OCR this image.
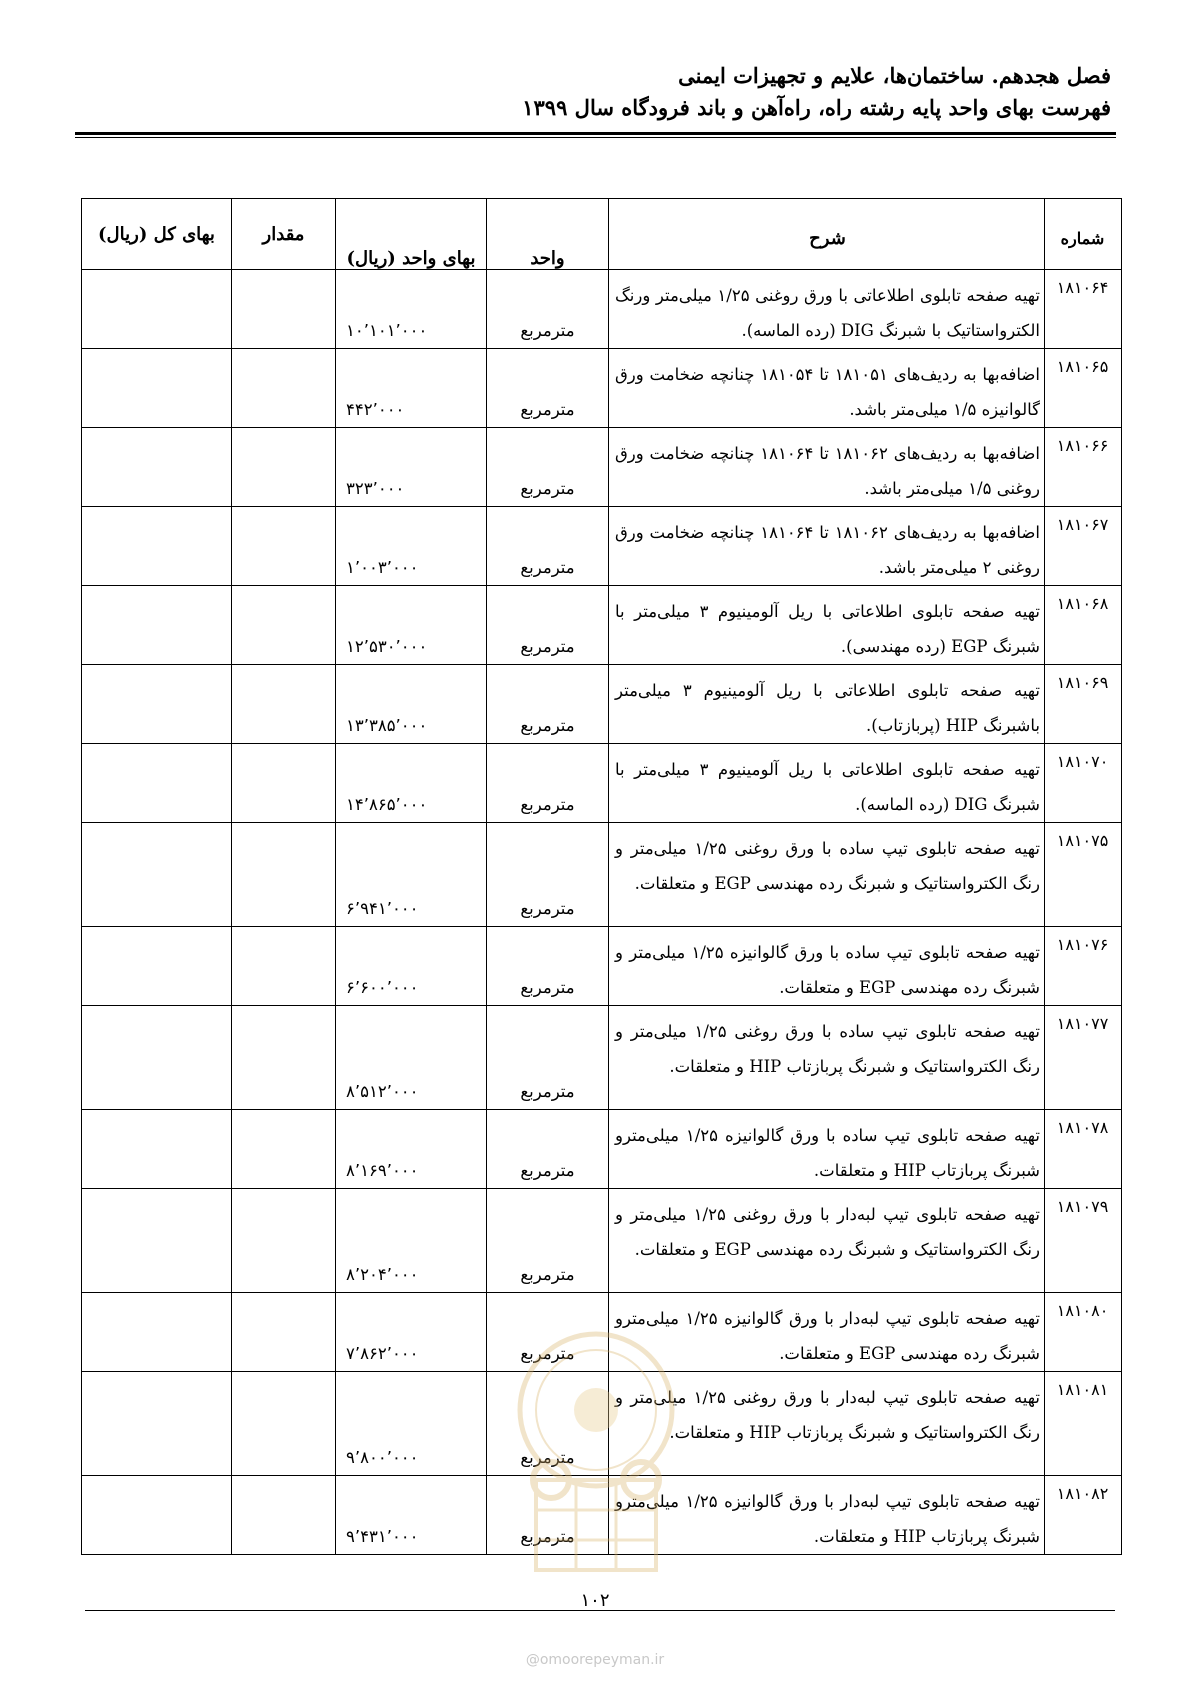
فصل هجدهم. ساختمان‌ها، علایم و تجهیزات ایمنی
فهرست بهای واحد پایه رشته راه، راه‌آهن و باند فرودگاه سال ۱۳۹۹
شماره	شرح	واحد	بهای واحد (ریال)	مقدار	بهای کل (ریال)
۱۸۱۰۶۴	تهیه صفحه تابلوی اطلاعاتی با ورق روغنی ۱/۲۵ میلی‌متر ورنگ الکترواستاتیک با شبرنگ DIG (رده الماسه).	مترمربع	۱۰٬۱۰۱٬۰۰۰		
۱۸۱۰۶۵	اضافه‌بها به ردیف‌های ۱۸۱۰۵۱ تا ۱۸۱۰۵۴ چنانچه ضخامت ورق گالوانیزه ۱/۵ میلی‌متر باشد.	مترمربع	۴۴۲٬۰۰۰		
۱۸۱۰۶۶	اضافه‌بها به ردیف‌های ۱۸۱۰۶۲ تا ۱۸۱۰۶۴ چنانچه ضخامت ورق روغنی ۱/۵ میلی‌متر باشد.	مترمربع	۳۲۳٬۰۰۰		
۱۸۱۰۶۷	اضافه‌بها به ردیف‌های ۱۸۱۰۶۲ تا ۱۸۱۰۶۴ چنانچه ضخامت ورق روغنی ۲ میلی‌متر باشد.	مترمربع	۱٬۰۰۳٬۰۰۰		
۱۸۱۰۶۸	تهیه صفحه تابلوی اطلاعاتی با ریل آلومینیوم ۳ میلی‌متر با شبرنگ EGP (رده مهندسی).	مترمربع	۱۲٬۵۳۰٬۰۰۰		
۱۸۱۰۶۹	تهیه صفحه تابلوی اطلاعاتی با ریل آلومینیوم ۳ میلی‌متر باشبرنگ HIP (پربازتاب).	مترمربع	۱۳٬۳۸۵٬۰۰۰		
۱۸۱۰۷۰	تهیه صفحه تابلوی اطلاعاتی با ریل آلومینیوم ۳ میلی‌متر با شبرنگ DIG (رده الماسه).	مترمربع	۱۴٬۸۶۵٬۰۰۰		
۱۸۱۰۷۵	تهیه صفحه تابلوی تیپ ساده با ورق روغنی ۱/۲۵ میلی‌متر و رنگ الکترواستاتیک و شبرنگ رده مهندسی EGP و متعلقات.	مترمربع	۶٬۹۴۱٬۰۰۰		
۱۸۱۰۷۶	تهیه صفحه تابلوی تیپ ساده با ورق گالوانیزه ۱/۲۵ میلی‌متر و شبرنگ رده مهندسی EGP و متعلقات.	مترمربع	۶٬۶۰۰٬۰۰۰		
۱۸۱۰۷۷	تهیه صفحه تابلوی تیپ ساده با ورق روغنی ۱/۲۵ میلی‌متر و رنگ الکترواستاتیک و شبرنگ پربازتاب HIP و متعلقات.	مترمربع	۸٬۵۱۲٬۰۰۰		
۱۸۱۰۷۸	تهیه صفحه تابلوی تیپ ساده با ورق گالوانیزه ۱/۲۵ میلی‌مترو شبرنگ پربازتاب HIP و متعلقات.	مترمربع	۸٬۱۶۹٬۰۰۰		
۱۸۱۰۷۹	تهیه صفحه تابلوی تیپ لبه‌دار با ورق روغنی ۱/۲۵ میلی‌متر و رنگ الکترواستاتیک و شبرنگ رده مهندسی EGP و متعلقات.	مترمربع	۸٬۲۰۴٬۰۰۰		
۱۸۱۰۸۰	تهیه صفحه تابلوی تیپ لبه‌دار با ورق گالوانیزه ۱/۲۵ میلی‌مترو شبرنگ رده مهندسی EGP و متعلقات.	مترمربع	۷٬۸۶۲٬۰۰۰		
۱۸۱۰۸۱	تهیه صفحه تابلوی تیپ لبه‌دار با ورق روغنی ۱/۲۵ میلی‌متر و رنگ الکترواستاتیک و شبرنگ پربازتاب HIP و متعلقات.	مترمربع	۹٬۸۰۰٬۰۰۰		
۱۸۱۰۸۲	تهیه صفحه تابلوی تیپ لبه‌دار با ورق گالوانیزه ۱/۲۵ میلی‌مترو شبرنگ پربازتاب HIP و متعلقات.	مترمربع	۹٬۴۳۱٬۰۰۰		
۱۰۲
@omoorepeyman.ir
